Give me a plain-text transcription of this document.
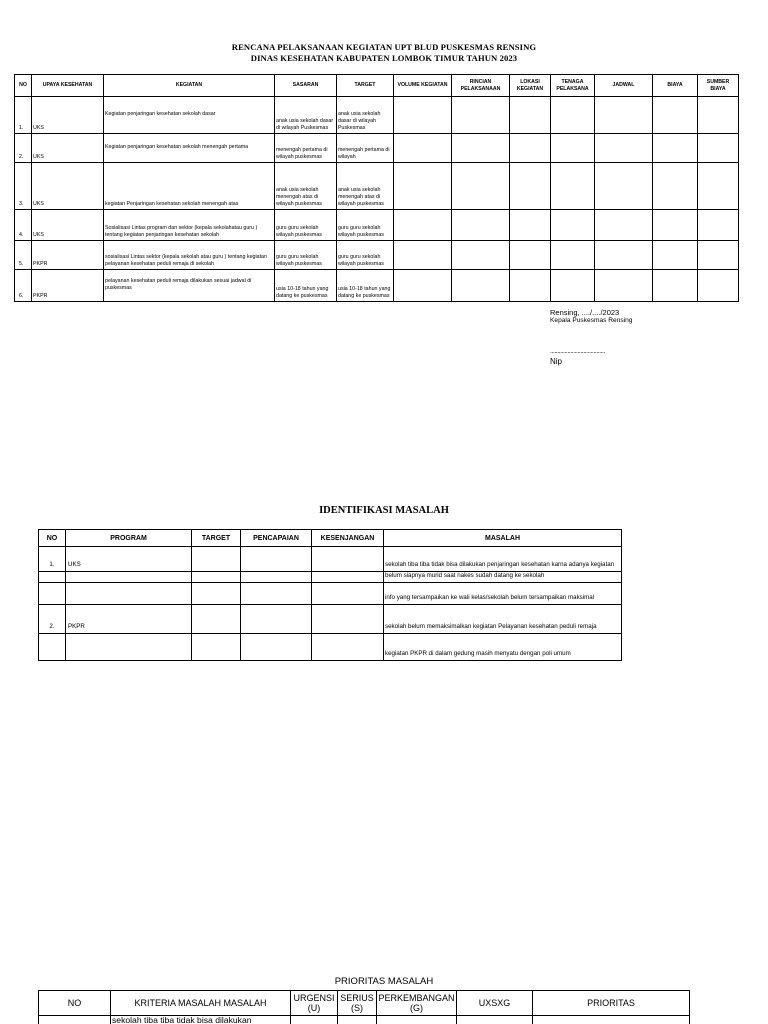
RENCANA PELAKSANAAN KEGIATAN UPT BLUD PUSKESMAS RENSING
DINAS KESEHATAN KABUPATEN LOMBOK TIMUR TAHUN 2023
NO	UPAYA KESEHATAN	KEGIATAN	SASARAN	TARGET	VOLUME KEGIATAN	RINCIAN PELAKSANAAN	LOKASI KEGIATAN	TENAGA PELAKSANA	JADWAL	BIAYA	SUMBER BIAYA
1.	UKS	Kegiatan penjaringan kesehatan sekolah dasar	anak usia sekolah dasar di wilayah Puskesmas	anak usia sekolah dasar di wilayah Puskesmas							
2.	UKS	Kegiatan penjaringan kesehatan sekolah menengah pertama	menengah pertama di wilayah puskesmas	menengah pertama di wilayah							
3.	UKS	kegiatan Penjaringan kesehatan sekolah menengah atas	anak usia sekolah menengah atas di wilayah puskesmas	anak usia sekolah menengah atas di wilayah puskesmas							
4.	UKS	Sosialisasi Lintas program dan sektor (kepala sekolahatau guru ) tentang kegiatan penjaringan kesehatan sekolah	guru guru sekolah wilayah puskesmas	guru guru sekolah wilayah puskesmas							
5.	PKPR	sosialisasi Lintas sektor (kepala sekolah atau guru ) tentang kegiatan pelayanan kesehatan peduli remaja di sekolah	guru guru sekolah wilayah puskesmas	guru guru sekolah wilayah puskesmas							
6.	PKPR	pelayanan kesehatan peduli remaja dilakukan sesuai jadwal di puskesmas	usia 10-18 tahun yang datang ke puskesmas	usia 10-18 tahun yang datang ke puskesmas							
Rensing, ..../..../2023
Kepala Puskesmas Rensing
......................................
Nip
IDENTIFIKASI MASALAH
NO	PROGRAM	TARGET	PENCAPAIAN	KESENJANGAN	MASALAH
1.	UKS				sekolah tiba tiba tidak bisa dilakukan penjaringan kesehatan karna adanya kegiatan
					belum siapnya murid saat nakes sudah datang ke sekolah
					info yang tersampaikan ke wali kelas/sekolah belum tersampaikan maksimal
2.	PKPR				sekolah belum memaksimalkan kegiatan Pelayanan kesehatan peduli remaja
					kegiatan PKPR di dalam gedung masih menyatu dengan poli umum
PRIORITAS MASALAH
NO	KRITERIA MASALAH MASALAH	URGENSI (U)	SERIUS (S)	PERKEMBANGAN (G)	UXSXG	PRIORITAS
	sekolah tiba tiba tidak bisa dilakukan					
